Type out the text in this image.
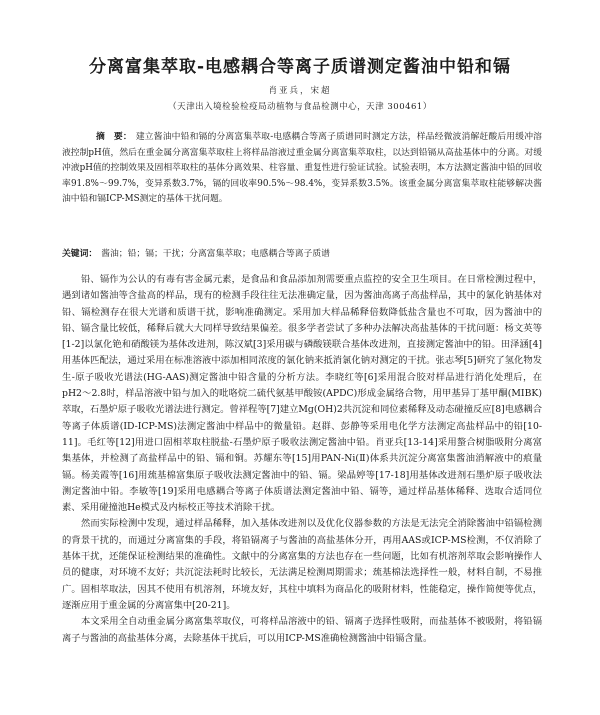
分离富集萃取-电感耦合等离子质谱测定酱油中铅和镉
肖亚兵，宋超
（天津出入境检验检疫局动植物与食品检测中心，天津 300461）
摘　要： 建立酱油中铅和镉的分离富集萃取-电感耦合等离子质谱同时测定方法，样品经微波消解赶酸后用缓冲溶液控制pH值，然后在重金属分离富集萃取柱上将样品溶液过重金属分离富集萃取柱，以达到铅镉从高盐基体中的分离。对缓冲液pH值的控制效果及固相萃取柱的基体分离效果、柱容量、重复性进行验证试验。试验表明，本方法测定酱油中铅的回收率91.8%～99.7%，变异系数3.7%，镉的回收率90.5%～98.4%，变异系数3.5%。该重金属分离富集萃取柱能够解决酱油中铅和镉ICP-MS测定的基体干扰问题。
关键词： 酱油；铅；镉；干扰；分离富集萃取；电感耦合等离子质谱

铅、镉作为公认的有毒有害金属元素，是食品和食品添加剂需要重点监控的安全卫生项目。在日常检测过程中，遇到诸如酱油等含盐高的样品，现有的检测手段往往无法准确定量，因为酱油高离子高盐样品，其中的氯化钠基体对铅、镉检测存在很大光谱和质谱干扰，影响准确测定。采用加大样品稀释倍数降低盐含量也不可取，因为酱油中的铅、镉含量比较低，稀释后就大大同样导致结果偏差。很多学者尝试了多种办法解决高盐基体的干扰问题：杨文英等[1-2]以氯化铯和硝酸镁为基体改进剂，陈汉斌[3]采用碳与磷酸镁联合基体改进剂，直接测定酱油中的铅。田泽涵[4]用基体匹配法，通过采用在标准溶液中添加相同浓度的氯化钠来抵消氯化钠对测定的干扰。张志琴[5]研究了氢化物发生-原子吸收光谱法(HG-AAS)测定酱油中铅含量的分析方法。李晓红等[6]采用混合胶对样品进行消化处理后，在pH2～2.8时，样品溶液中铅与加入的吡咯烷二硫代氨基甲酸铵(APDC)形成金属络合物，用甲基异丁基甲酮(MIBK)萃取，石墨炉原子吸收光谱法进行测定。曾祥程等[7]建立Mg(OH)2共沉淀和同位素稀释及动态碰撞反应[8]电感耦合等离子体质谱(ID-ICP-MS)法测定酱油中样品中的微量铅。赵群、彭静等采用电化学方法测定高盐样品中的铅[10-11]。毛红等[12]用进口固相萃取柱脱盐-石墨炉原子吸收法测定酱油中铅。肖亚兵[13-14]采用螯合树脂吸附分离富集基体，并检测了高盐样品中的铅、镉和铜。苏耀东等[15]用PAN-Ni(Ⅱ)体系共沉淀分离富集酱油消解液中的痕量镉。杨美霞等[16]用巯基棉富集原子吸收法测定酱油中的铅、镉。梁晶婷等[17-18]用基体改进剂石墨炉原子吸收法测定酱油中铅。李敏等[19]采用电感耦合等离子体质谱法测定酱油中铅、镉等，通过样品基体稀释、选取合适同位素、采用碰撞池He模式及内标校正等技术消除干扰。

然而实际检测中发现，通过样品稀释，加入基体改进剂以及优化仪器参数的方法是无法完全消除酱油中铅镉检测的背景干扰的，而通过分离富集的手段，将铅镉离子与酱油的高盐基体分开，再用AAS或ICP-MS检测，不仅消除了基体干扰，还能保证检测结果的准确性。文献中的分离富集的方法也存在一些问题，比如有机溶剂萃取会影响操作人员的健康，对环境不友好；共沉淀法耗时比较长，无法满足检测周期需求；巯基棉法选择性一般，材料自制，不易推广。固相萃取法，因其不使用有机溶剂，环境友好，其柱中填料为商品化的吸附材料，性能稳定，操作简便等优点，逐渐应用于重金属的分离富集中[20-21]。

本文采用全自动重金属分离富集萃取仪，可将样品溶液中的铅、镉离子选择性吸附，而盐基体不被吸附，将铅镉离子与酱油的高盐基体分离，去除基体干扰后，可以用ICP-MS准确检测酱油中铅镉含量。
